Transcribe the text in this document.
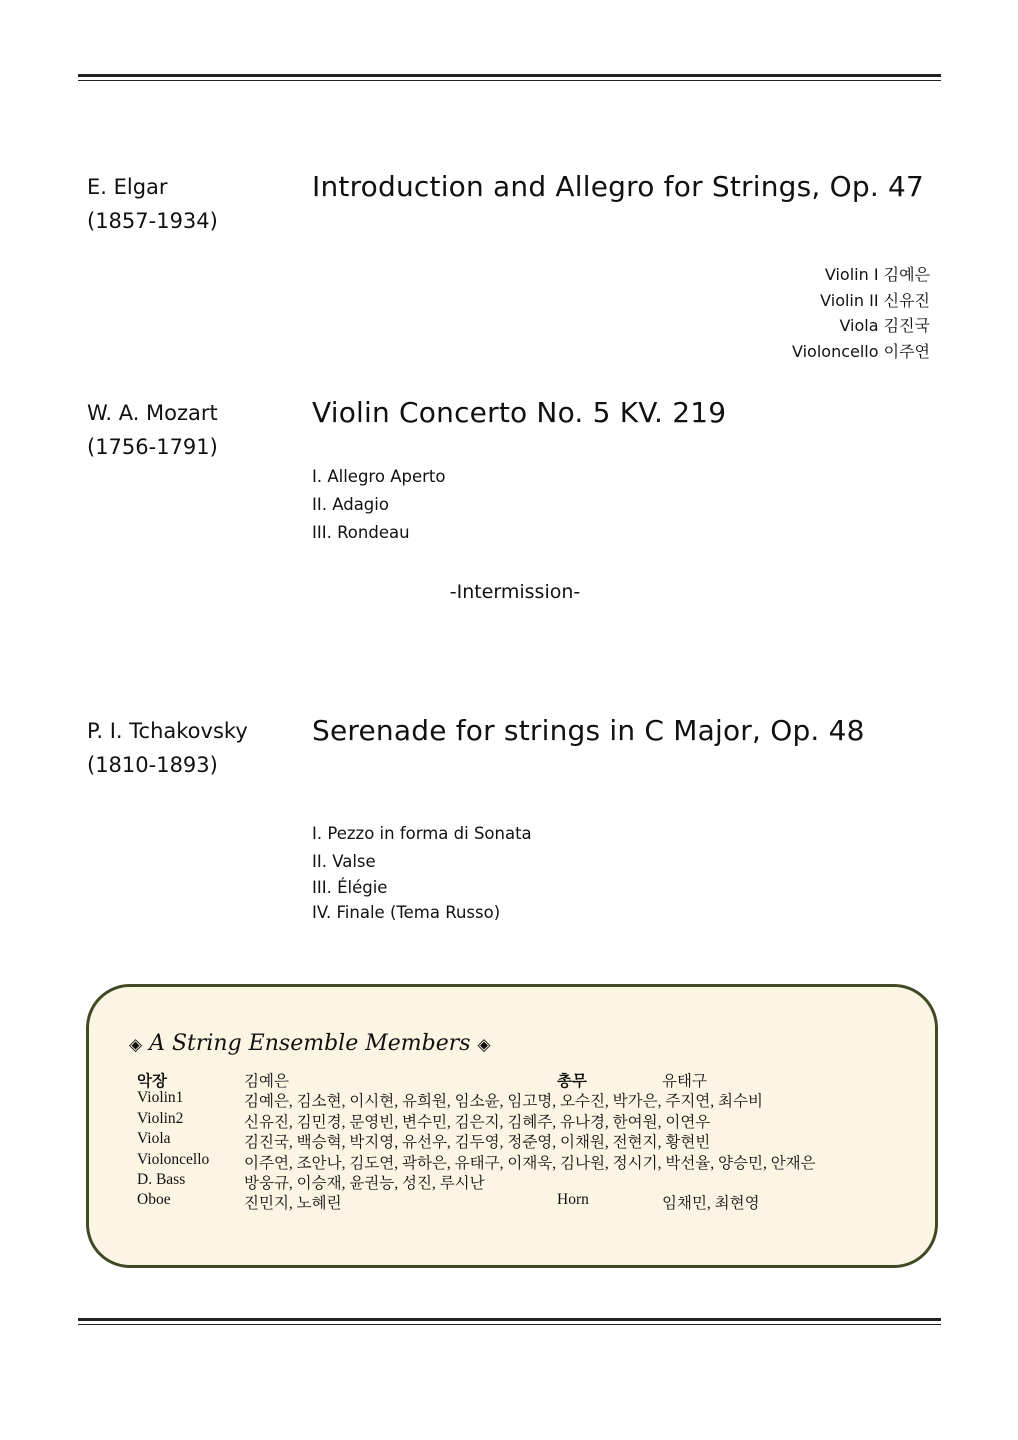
E. Elgar
(1857-1934)
Introduction and Allegro for Strings, Op. 47
Violin I 김예은
Violin II 신유진
Viola 김진국
Violoncello 이주연
W. A. Mozart
(1756-1791)
Violin Concerto No. 5 KV. 219
I. Allegro Aperto
II. Adagio
III. Rondeau
-Intermission-
P. I. Tchakovsky
(1810-1893)
Serenade for strings in C Major, Op. 48
I. Pezzo in forma di Sonata
II. Valse
III. Élégie
IV. Finale (Tema Russo)
◈ A String Ensemble Members ◈
악장	김예은	총무	유태구
Violin1	김예은, 김소현, 이시현, 유희원, 임소윤, 임고명, 오수진, 박가은, 주지연, 최수비
Violin2	신유진, 김민경, 문영빈, 변수민, 김은지, 김혜주, 유나경, 한여원, 이연우
Viola	김진국, 백승혁, 박지영, 유선우, 김두영, 정준영, 이채원, 전현지, 황현빈
Violoncello 이주연, 조안나, 김도연, 곽하은, 유태구, 이재욱, 김나원, 정시기, 박선율, 양승민, 안재은
D. Bass	방웅규, 이승재, 윤권능, 성진, 루시난
Oboe	진민지, 노혜린	Horn	임채민, 최현영
